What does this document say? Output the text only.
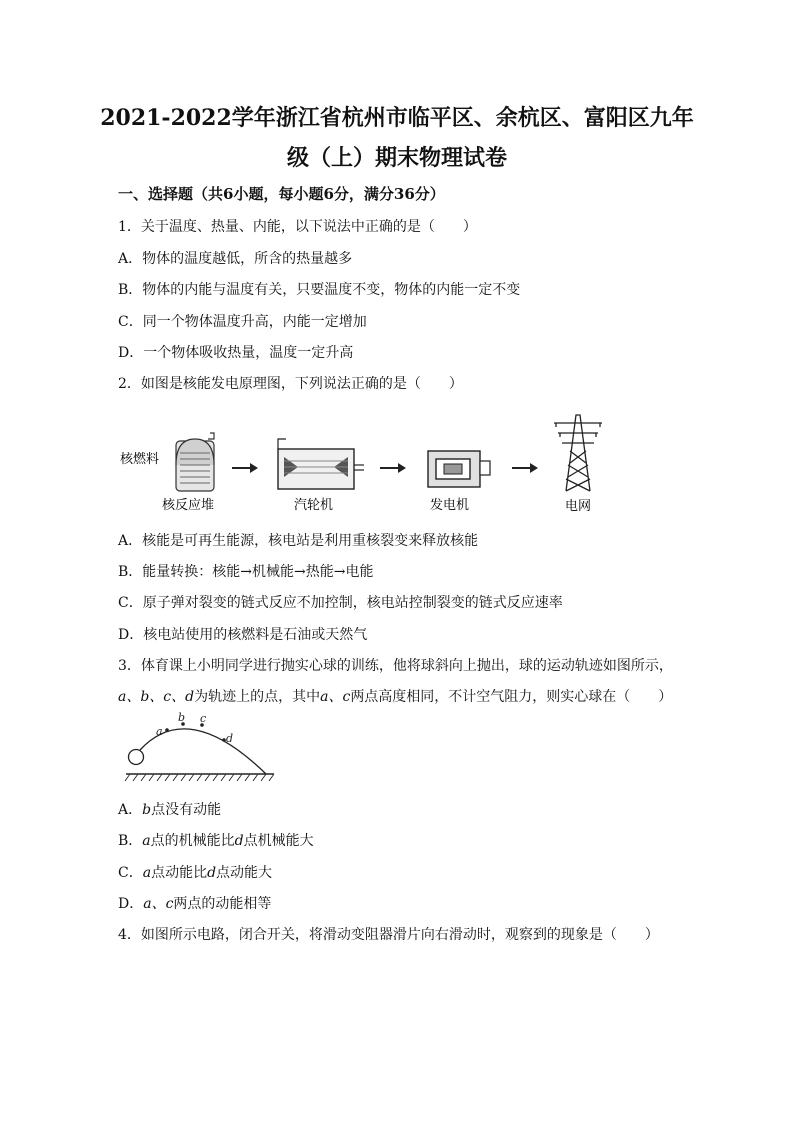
2021-2022学年浙江省杭州市临平区、余杭区、富阳区九年
级（上）期末物理试卷
一、选择题（共6小题，每小题6分，满分36分）
1．关于温度、热量、内能，以下说法中正确的是（　　）
A．物体的温度越低，所含的热量越多
B．物体的内能与温度有关，只要温度不变，物体的内能一定不变
C．同一个物体温度升高，内能一定增加
D．一个物体吸收热量，温度一定升高
2．如图是核能发电原理图，下列说法正确的是（　　）
核燃料
核反应堆	汽轮机	发电机	电网
A．核能是可再生能源，核电站是利用重核裂变来释放核能
B．能量转换：核能→机械能→热能→电能
C．原子弹对裂变的链式反应不加控制，核电站控制裂变的链式反应速率
D．核电站使用的核燃料是石油或天然气
3．体育课上小明同学进行抛实心球的训练，他将球斜向上抛出，球的运动轨迹如图所示，
a、b、c、d为轨迹上的点，其中a、c两点高度相同，不计空气阻力，则实心球在（　　）
a
b c
d
A．b点没有动能
B．a点的机械能比d点机械能大
C．a点动能比d点动能大
D．a、c两点的动能相等
4．如图所示电路，闭合开关，将滑动变阻器滑片向右滑动时，观察到的现象是（　　）
